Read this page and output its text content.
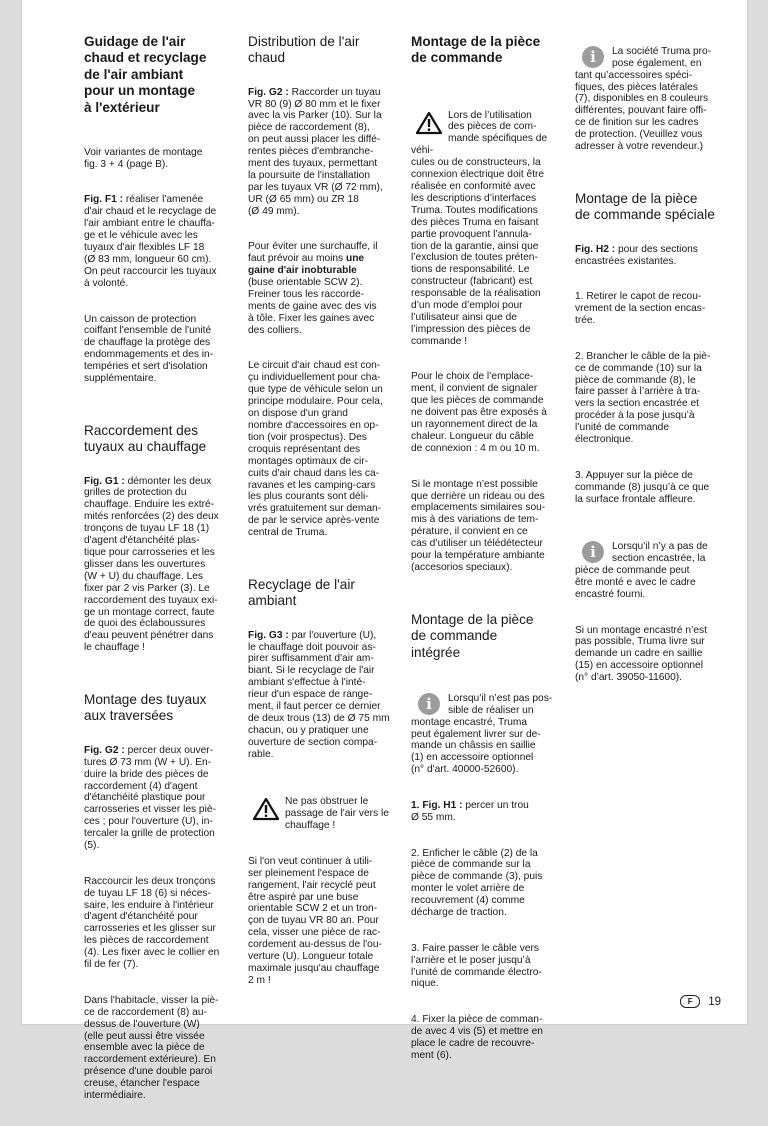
Guidage de l'air
chaud et recyclage
de l'air ambiant
pour un montage
à l'extérieur

Voir variantes de montage
fig. 3 + 4 (page B).

Fig. F1 : réaliser l'amenée
d'air chaud et le recyclage de
l'air ambiant entre le chauffa-
ge et le véhicule avec les
tuyaux d'air flexibles LF 18
(Ø 83 mm, longueur 60 cm).
On peut raccourcir les tuyaux
à volonté.

Un caisson de protection
coiffant l'ensemble de l'unité
de chauffage la protège des
endommagements et des in-
tempéries et sert d'isolation
supplémentaire.

Raccordement des
tuyaux au chauffage

Fig. G1 : démonter les deux
grilles de protection du
chauffage. Enduire les extré-
mités renforcées (2) des deux
tronçons de tuyau LF 18 (1)
d'agent d'étanchéité plas-
tique pour carrosseries et les
glisser dans les ouvertures
(W + U) du chauffage. Les
fixer par 2 vis Parker (3). Le
raccordement des tuyaux exi-
ge un montage correct, faute
de quoi des éclaboussures
d'eau peuvent pénétrer dans
le chauffage !

Montage des tuyaux
aux traversées

Fig. G2 : percer deux ouver-
tures Ø 73 mm (W + U). En-
duire la bride des pièces de
raccordement (4) d'agent
d'étanchéité plastique pour
carrosseries et visser les piè-
ces ; pour l'ouverture (U), in-
tercaler la grille de protection
(5).

Raccourcir les deux tronçons
de tuyau LF 18 (6) si néces-
saire, les enduire à l'intérieur
d'agent d'étanchéité pour
carrosseries et les glisser sur
les pièces de raccordement
(4). Les fixer avec le collier en
fil de fer (7).

Dans l'habitacle, visser la piè-
ce de raccordement (8) au-
dessus de l'ouverture (W)
(elle peut aussi être vissée
ensemble avec la pièce de
raccordement extérieure). En
présence d'une double paroi
creuse, étancher l'espace
intermédiaire.

Distribution de l'air
chaud

Fig. G2 : Raccorder un tuyau
VR 80 (9) Ø 80 mm et le fixer
avec la vis Parker (10). Sur la
pièce de raccordement (8),
on peut aussi placer les diffé-
rentes pièces d'embranche-
ment des tuyaux, permettant
la poursuite de l'installation
par les tuyaux VR (Ø 72 mm),
UR (Ø 65 mm) ou ZR 18
(Ø 49 mm).

Pour éviter une surchauffe, il
faut prévoir au moins une
gaine d'air inobturable
(buse orientable SCW 2).
Freiner tous les raccorde-
ments de gaine avec des vis
à tôle. Fixer les gaines avec
des colliers.

Le circuit d'air chaud est con-
çu individuellement pour cha-
que type de véhicule selon un
principe modulaire. Pour cela,
on dispose d'un grand
nombre d'accessoires en op-
tion (voir prospectus). Des
croquis représentant des
montages optimaux de cir-
cuits d'air chaud dans les ca-
ravanes et les camping-cars
les plus courants sont déli-
vrés gratuitement sur deman-
de par le service après-vente
central de Truma.

Recyclage de l'air
ambiant

Fig. G3 : par l'ouverture (U),
le chauffage doit pouvoir as-
pirer suffisamment d'air am-
biant. Si le recyclage de l'air
ambiant s'effectue à l'inté-
rieur d'un espace de range-
ment, il faut percer ce dernier
de deux trous (13) de Ø 75 mm
chacun, ou y pratiquer une
ouverture de section compa-
rable.

Ne pas obstruer le
passage de l'air vers le
chauffage !

Si l'on veut continuer à utili-
ser pleinement l'espace de
rangement, l'air recyclé peut
être aspiré par une buse
orientable SCW 2 et un tron-
çon de tuyau VR 80 an. Pour
cela, visser une pièce de rac-
cordement au-dessus de l'ou-
verture (U). Longueur totale
maximale jusqu'au chauffage
2 m !

Montage de la pièce
de commande

Lors de l’utilisation
des pièces de com-
mande spécifiques de véhi-
cules ou de constructeurs, la
connexion électrique doit être
réalisée en conformité avec
les descriptions d’interfaces
Truma. Toutes modifications
des pièces Truma en faisant
partie provoquent l’annula-
tion de la garantie, ainsi que
l’exclusion de toutes préten-
tions de responsabilité. Le
constructeur (fabricant) est
responsable de la réalisation
d’un mode d’emploi pour
l’utilisateur ainsi que de
l’impression des pièces de
commande !

Pour le choix de l’emplace-
ment, il convient de signaler
que les pièces de commande
ne doivent pas être exposés à
un rayonnement direct de la
chaleur. Longueur du câble
de connexion : 4 m ou 10 m.

Si le montage n’est possible
que derrière un rideau ou des
emplacements similaires sou-
mis à des variations de tem-
pérature, il convient en ce
cas d’utiliser un télédétecteur
pour la température ambiante
(accesorios speciaux).

Montage de la pièce
de commande
intégrée

i	Lorsqu’il n’est pas pos-
sible de réaliser un
montage encastré, Truma
peut également livrer sur de-
mande un châssis en saillie
(1) en accessoire optionnel
(n° d'art. 40000-52600).

1. Fig. H1 : percer un trou
Ø 55 mm.

2. Enficher le câble (2) de la
pièce de commande sur la
pièce de commande (3), puis
monter le volet arrière de
recouvrement (4) comme
décharge de traction.

3. Faire passer le câble vers
l’arrière et le poser jusqu’à
l’unité de commande électro-
nique.

4. Fixer la pièce de comman-
de avec 4 vis (5) et mettre en
place le cadre de recouvre-
ment (6).

i	La société Truma pro-
pose également, en
tant qu’accessoires spéci-
fiques, des pièces latérales
(7), disponibles en 8 couleurs
différentes, pouvant faire offi-
ce de finition sur les cadres
de protection. (Veuillez vous
adresser à votre revendeur.)

Montage de la pièce
de commande spéciale

Fig. H2 : pour des sections
encastrées existantes.

1. Retirer le capot de recou-
vrement de la section encas-
trée.

2. Brancher le câble de la piè-
ce de commande (10) sur la
pièce de commande (8), le
faire passer à l’arrière à tra-
vers la section encastrée et
procéder à la pose jusqu’à
l’unité de commande
électronique.

3. Appuyer sur la pièce de
commande (8) jusqu’à ce que
la surface frontale affleure.

i	Lorsqu’il n’y a pas de
section encastrée, la
pièce de commande peut
être monté e avec le cadre
encastré fourni.

Si un montage encastré n’est
pas possible, Truma livre sur
demande un cadre en saillie
(15) en accessoire optionnel
(n° d’art. 39050-11600).

F	19
